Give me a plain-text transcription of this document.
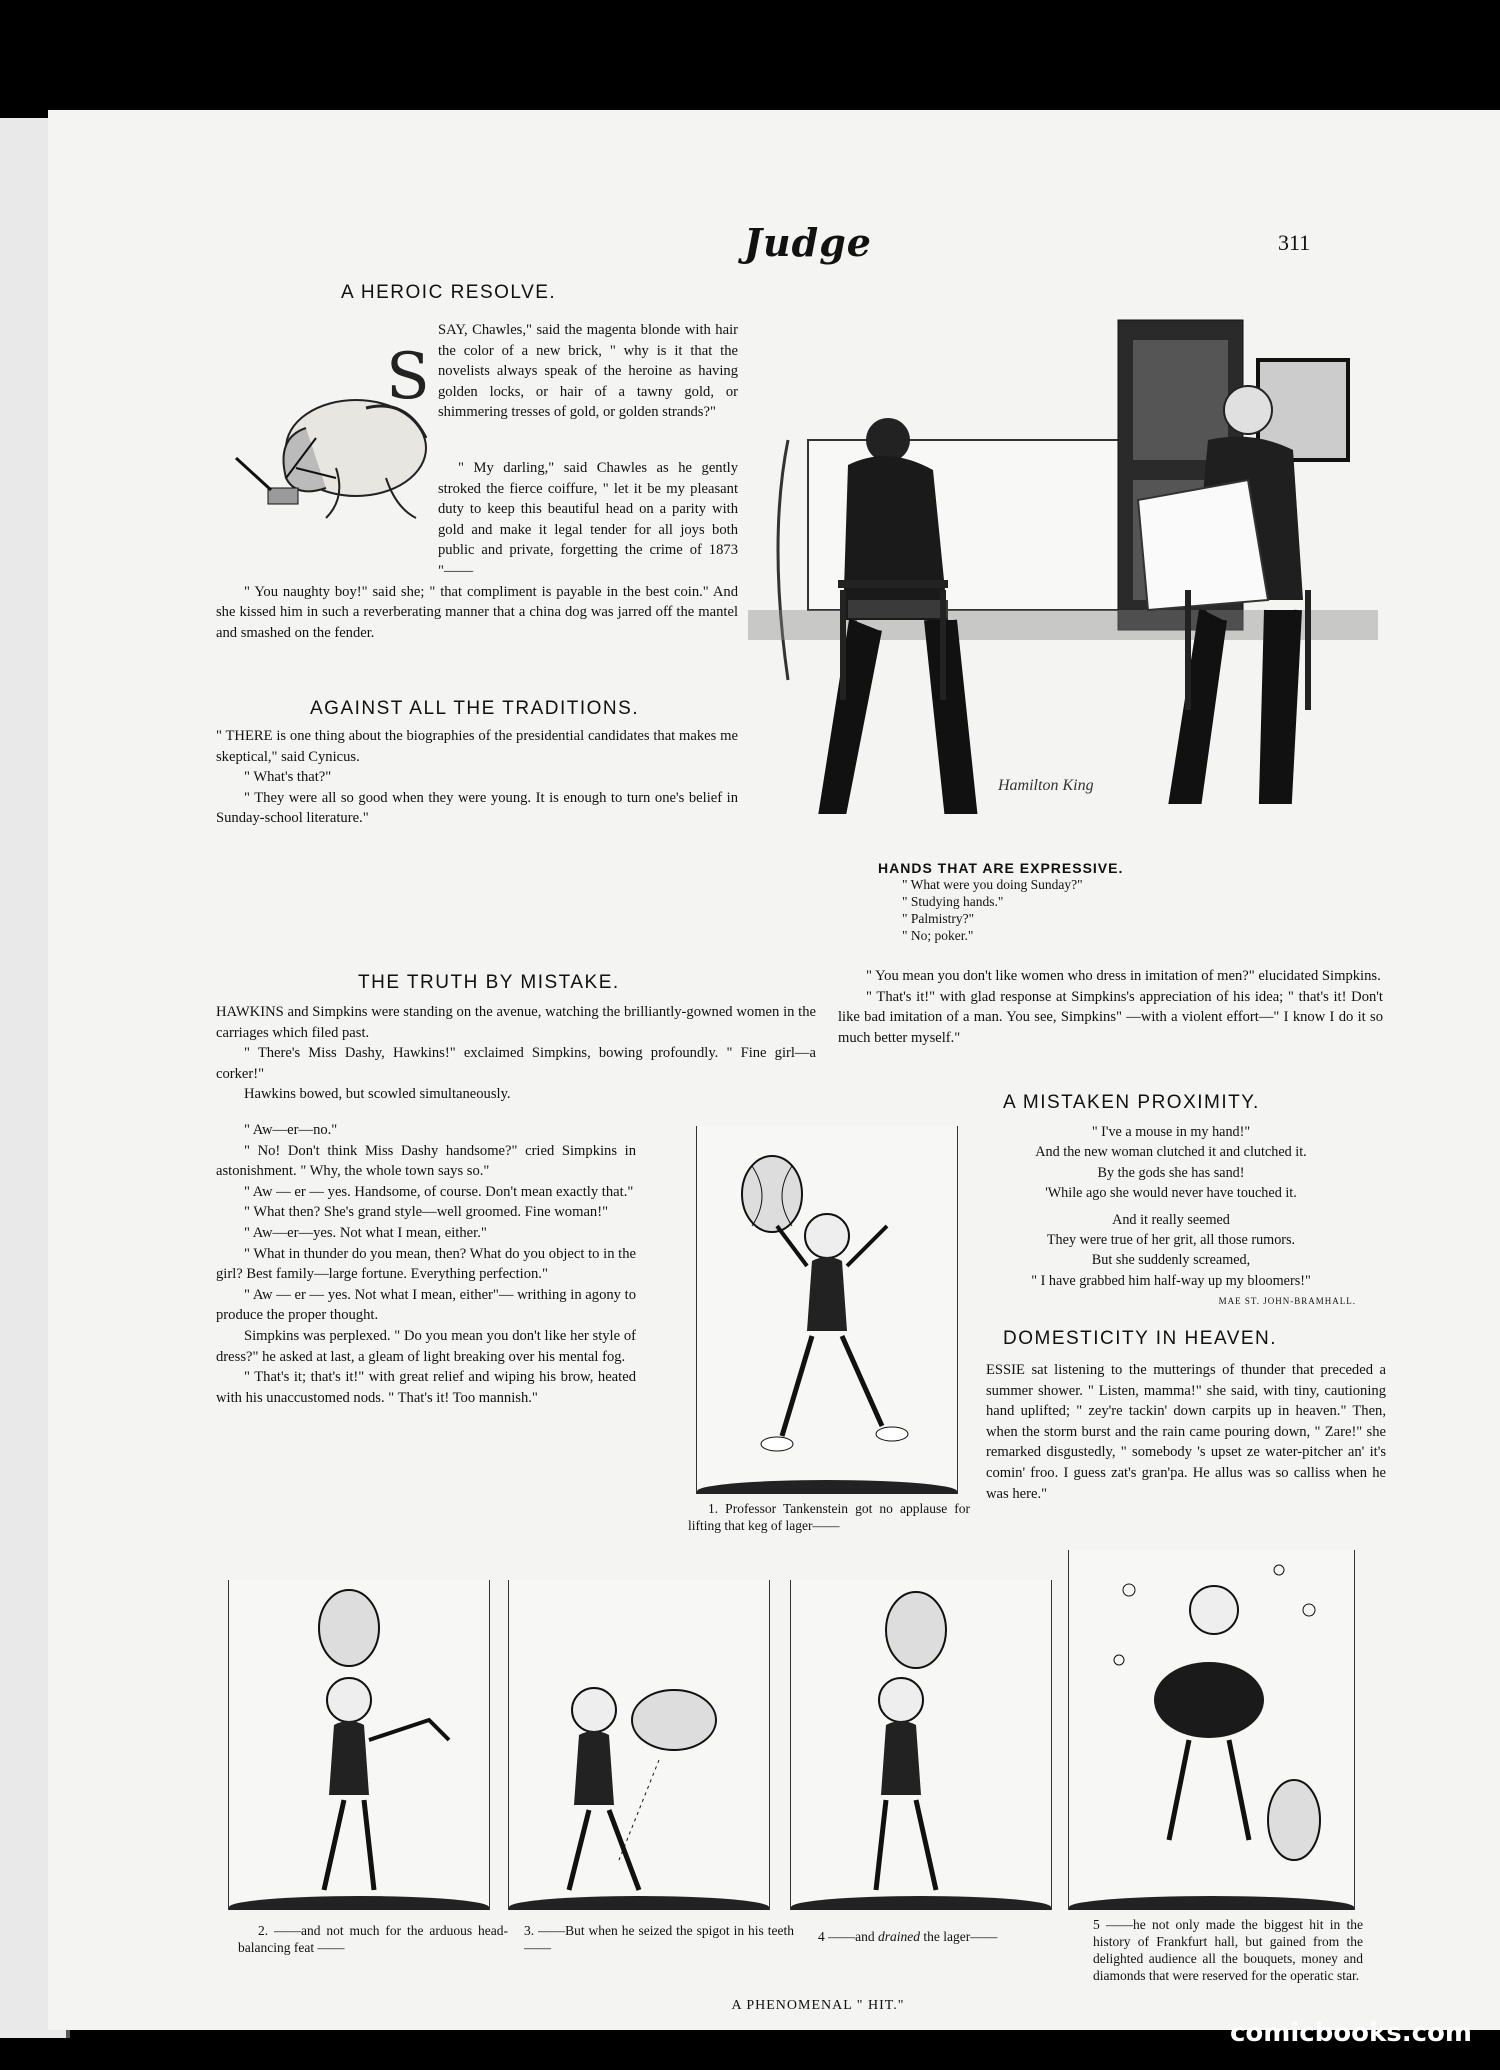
Judge	311
A HEROIC RESOLVE.
S

SAY, Chawles," said the magenta blonde with hair the color of a new brick, " why is it that the novelists always speak of the heroine as having golden locks, or hair of a tawny gold, or shimmering tresses of gold, or golden strands?"

" My darling," said Chawles as he gently stroked the fierce coiffure, " let it be my pleasant duty to keep this beautiful head on a parity with gold and make it legal tender for all joys both public and private, forgetting the crime of 1873 "——

" You naughty boy!" said she; " that compliment is payable in the best coin." And she kissed him in such a reverberating manner that a china dog was jarred off the mantel and smashed on the fender.

AGAINST ALL THE TRADITIONS.

" THERE is one thing about the biographies of the presidential candidates that makes me skeptical," said Cynicus.

" What's that?"

" They were all so good when they were young. It is enough to turn one's belief in Sunday-school literature."

Hamilton King
HANDS THAT ARE EXPRESSIVE.
" What were you doing Sunday?"
" Studying hands."
" Palmistry?"
" No; poker."
THE TRUTH BY MISTAKE.

HAWKINS and Simpkins were standing on the avenue, watching the brilliantly-gowned women in the carriages which filed past.

" There's Miss Dashy, Hawkins!" exclaimed Simpkins, bowing profoundly. " Fine girl—a corker!"

Hawkins bowed, but scowled simultaneously.

" Aw—er—no."

" No! Don't think Miss Dashy handsome?" cried Simpkins in astonishment. " Why, the whole town says so."

" Aw — er — yes. Handsome, of course. Don't mean exactly that."

" What then? She's grand style—well groomed. Fine woman!"

" Aw—er—yes. Not what I mean, either."

" What in thunder do you mean, then? What do you object to in the girl? Best family—large fortune. Everything perfection."

" Aw — er — yes. Not what I mean, either"— writhing in agony to produce the proper thought.

Simpkins was perplexed. " Do you mean you don't like her style of dress?" he asked at last, a gleam of light breaking over his mental fog.

" That's it; that's it!" with great relief and wiping his brow, heated with his unaccustomed nods. " That's it! Too mannish."

" You mean you don't like women who dress in imitation of men?" elucidated Simpkins.

" That's it!" with glad response at Simpkins's appreciation of his idea; " that's it! Don't like bad imitation of a man. You see, Simpkins" —with a violent effort—" I know I do it so much better myself."

1. Professor Tankenstein got no applause for lifting that keg of lager——

A MISTAKEN PROXIMITY.

" I've a mouse in my hand!"

And the new woman clutched it and clutched it.

By the gods she has sand!

'While ago she would never have touched it.

And it really seemed

They were true of her grit, all those rumors.

But she suddenly screamed,

" I have grabbed him half-way up my bloomers!"

MAE ST. JOHN-BRAMHALL.

DOMESTICITY IN HEAVEN.

ESSIE sat listening to the mutterings of thunder that preceded a summer shower. " Listen, mamma!" she said, with tiny, cautioning hand uplifted; " zey're tackin' down carpits up in heaven." Then, when the storm burst and the rain came pouring down, " Zare!" she remarked disgustedly, " somebody 's upset ze water-pitcher an' it's comin' froo. I guess zat's gran'pa. He allus was so calliss when he was here."

2. ——and not much for the arduous head-balancing feat ——

3. ——But when he seized the spigot in his teeth——

4 ——and drained the lager——

5 ——he not only made the biggest hit in the history of Frankfurt hall, but gained from the delighted audience all the bouquets, money and diamonds that were reserved for the operatic star.

A PHENOMENAL " HIT."
comicbooks.com
